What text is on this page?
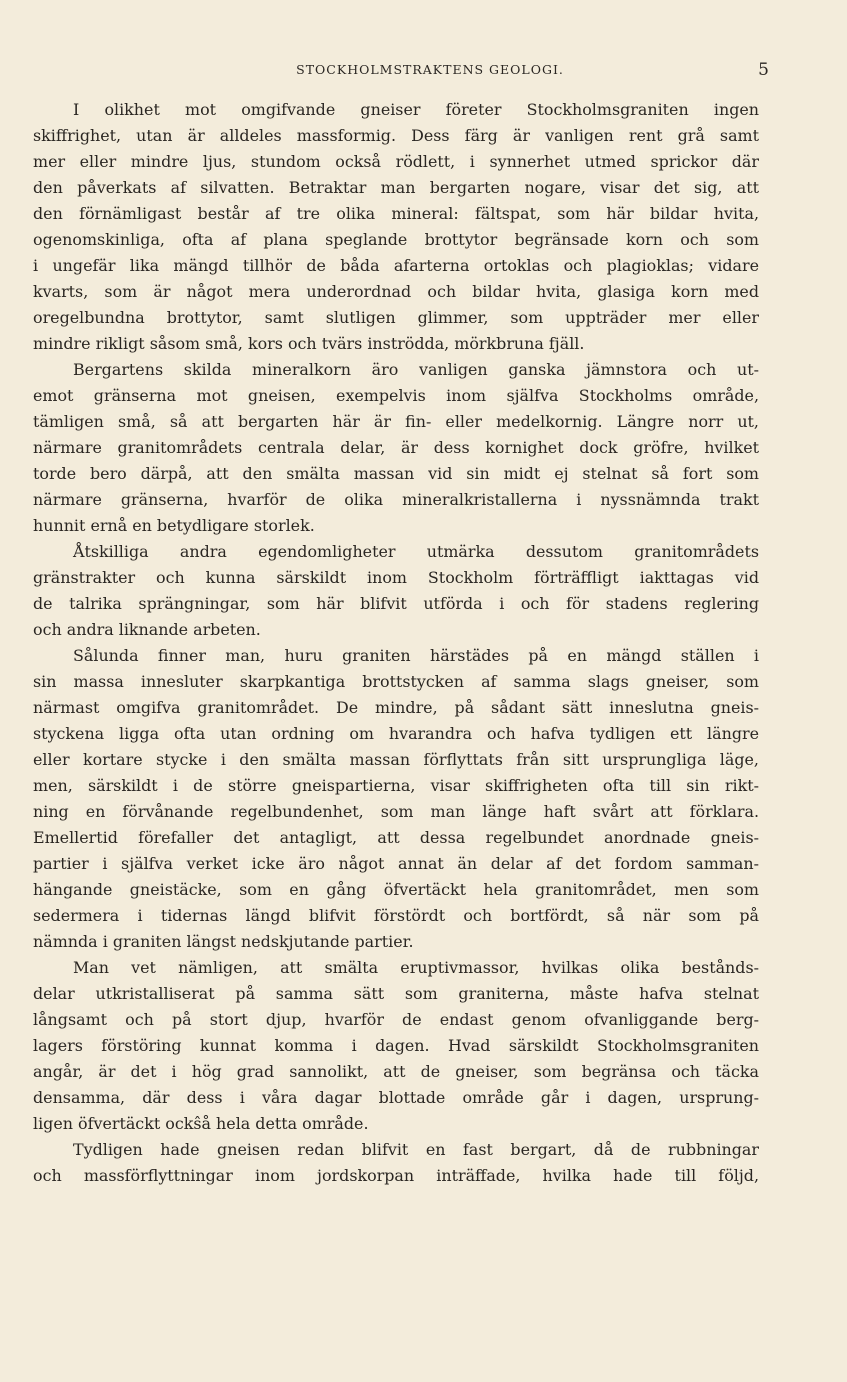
STOCKHOLMSTRAKTENS GEOLOGI.	5
I olikhet mot omgifvande gneiser företer Stockholmsgraniten ingen
skiffrighet, utan är alldeles massformig. Dess färg är vanligen rent grå samt
mer eller mindre ljus, stundom också rödlett, i synnerhet utmed sprickor där
den påverkats af silvatten. Betraktar man bergarten nogare, visar det sig, att
den förnämligast består af tre olika mineral: fältspat, som här bildar hvita,
ogenomskinliga, ofta af plana speglande brottytor begränsade korn och som
i ungefär lika mängd tillhör de båda afarterna ortoklas och plagioklas; vidare
kvarts, som är något mera underordnad och bildar hvita, glasiga korn med
oregelbundna brottytor, samt slutligen glimmer, som uppträder mer eller
mindre rikligt såsom små, kors och tvärs inströdda, mörkbruna fjäll.
Bergartens skilda mineralkorn äro vanligen ganska jämnstora och ut-
emot gränserna mot gneisen, exempelvis inom själfva Stockholms område,
tämligen små, så att bergarten här är fin- eller medelkornig. Längre norr ut,
närmare granitområdets centrala delar, är dess kornighet dock gröfre, hvilket
torde bero därpå, att den smälta massan vid sin midt ej stelnat så fort som
närmare gränserna, hvarför de olika mineralkristallerna i nyssnämnda trakt
hunnit ernå en betydligare storlek.
Åtskilliga andra egendomligheter utmärka dessutom granitområdets
gränstrakter och kunna särskildt inom Stockholm förträffligt iakttagas vid
de talrika sprängningar, som här blifvit utförda i och för stadens reglering
och andra liknande arbeten.
Sålunda finner man, huru graniten härstädes på en mängd ställen i
sin massa innesluter skarpkantiga brottstycken af samma slags gneiser, som
närmast omgifva granitområdet. De mindre, på sådant sätt inneslutna gneis-
styckena ligga ofta utan ordning om hvarandra och hafva tydligen ett längre
eller kortare stycke i den smälta massan förflyttats från sitt ursprungliga läge,
men, särskildt i de större gneispartierna, visar skiffrigheten ofta till sin rikt-
ning en förvånande regelbundenhet, som man länge haft svårt att förklara.
Emellertid förefaller det antagligt, att dessa regelbundet anordnade gneis-
partier i själfva verket icke äro något annat än delar af det fordom samman-
hängande gneistäcke, som en gång öfvertäckt hela granitområdet, men som
sedermera i tidernas längd blifvit förstördt och bortfördt, så när som på
nämnda i graniten längst nedskjutande partier.
Man vet nämligen, att smälta eruptivmassor, hvilkas olika bestånds-
delar utkristalliserat på samma sätt som graniterna, måste hafva stelnat
långsamt och på stort djup, hvarför de endast genom ofvanliggande berg-
lagers förstöring kunnat komma i dagen. Hvad särskildt Stockholmsgraniten
angår, är det i hög grad sannolikt, att de gneiser, som begränsa och täcka
densamma, där dess i våra dagar blottade område går i dagen, ursprung-
ligen öfvertäckt ockŝå hela detta område.
Tydligen hade gneisen redan blifvit en fast bergart, då de rubbningar
och massförflyttningar inom jordskorpan inträffade, hvilka hade till följd,
